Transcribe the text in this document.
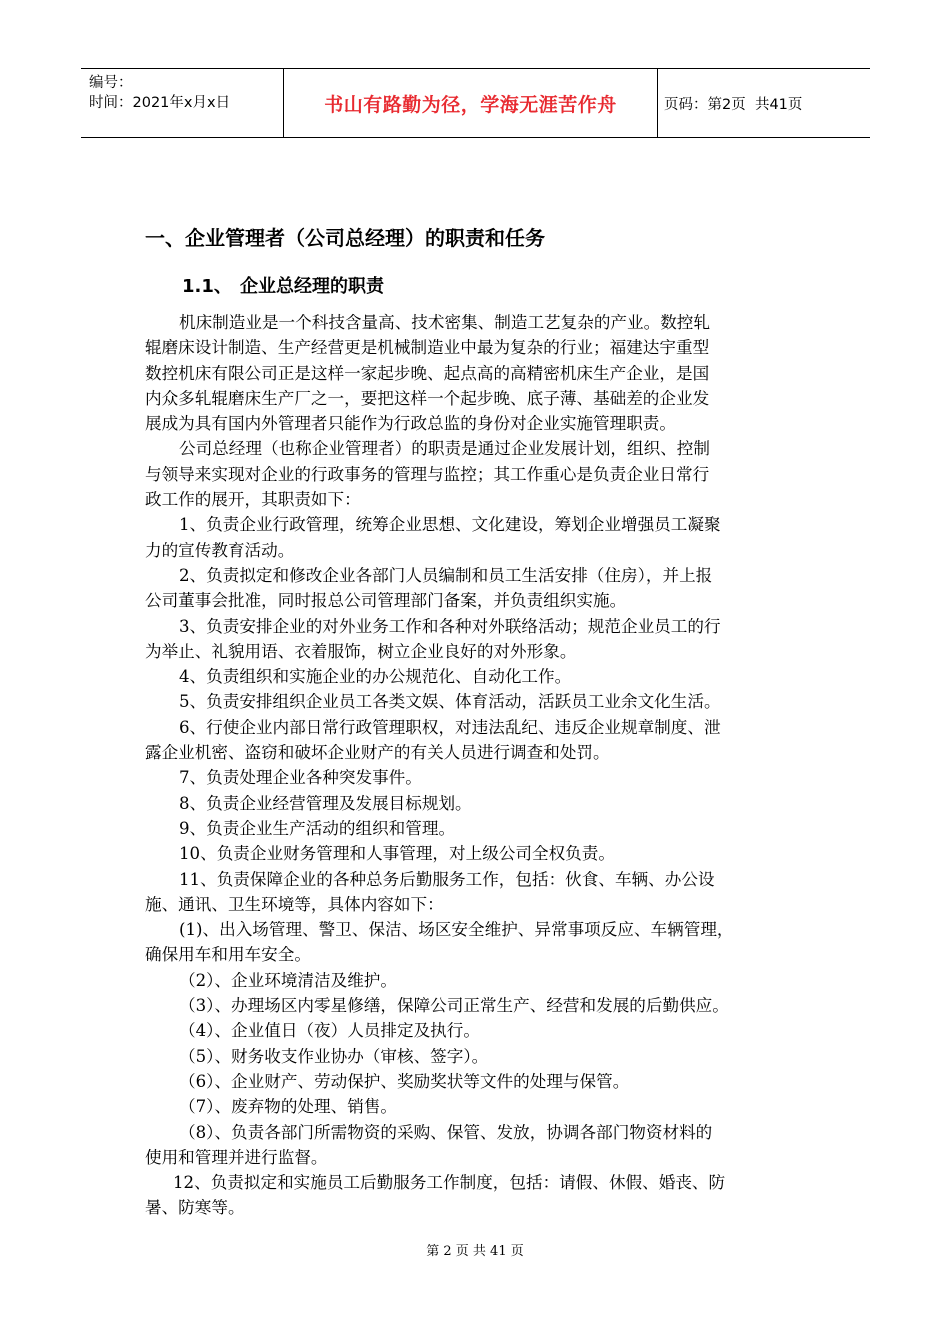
编号：
时间：2021年x月x日	书山有路勤为径，学海无涯苦作舟	页码：第2页  共41页
一、企业管理者（公司总经理）的职责和任务
1.1、 企业总经理的职责
机床制造业是一个科技含量高、技术密集、制造工艺复杂的产业。数控轧
辊磨床设计制造、生产经营更是机械制造业中最为复杂的行业；福建达宇重型
数控机床有限公司正是这样一家起步晚、起点高的高精密机床生产企业，是国
内众多轧辊磨床生产厂之一，要把这样一个起步晚、底子薄、基础差的企业发
展成为具有国内外管理者只能作为行政总监的身份对企业实施管理职责。
公司总经理（也称企业管理者）的职责是通过企业发展计划，组织、控制
与领导来实现对企业的行政事务的管理与监控；其工作重心是负责企业日常行
政工作的展开，其职责如下：
1、负责企业行政管理，统筹企业思想、文化建设，筹划企业增强员工凝聚
力的宣传教育活动。
2、负责拟定和修改企业各部门人员编制和员工生活安排（住房），并上报
公司董事会批准，同时报总公司管理部门备案，并负责组织实施。
3、负责安排企业的对外业务工作和各种对外联络活动；规范企业员工的行
为举止、礼貌用语、衣着服饰，树立企业良好的对外形象。
4、负责组织和实施企业的办公规范化、自动化工作。
5、负责安排组织企业员工各类文娱、体育活动，活跃员工业余文化生活。
6、行使企业内部日常行政管理职权，对违法乱纪、违反企业规章制度、泄
露企业机密、盗窃和破坏企业财产的有关人员进行调查和处罚。
7、负责处理企业各种突发事件。
8、负责企业经营管理及发展目标规划。
9、负责企业生产活动的组织和管理。
10、负责企业财务管理和人事管理，对上级公司全权负责。
11、负责保障企业的各种总务后勤服务工作，包括：伙食、车辆、办公设
施、通讯、卫生环境等，具体内容如下：
(1)、出入场管理、警卫、保洁、场区安全维护、异常事项反应、车辆管理，
确保用车和用车安全。
（2）、企业环境清洁及维护。
（3）、办理场区内零星修缮，保障公司正常生产、经营和发展的后勤供应。
（4）、企业值日（夜）人员排定及执行。
（5）、财务收支作业协办（审核、签字）。
（6）、企业财产、劳动保护、奖励奖状等文件的处理与保管。
（7）、废弃物的处理、销售。
（8）、负责各部门所需物资的采购、保管、发放，协调各部门物资材料的
使用和管理并进行监督。
12、负责拟定和实施员工后勤服务工作制度，包括：请假、休假、婚丧、防
暑、防寒等。
第 2 页 共 41 页
